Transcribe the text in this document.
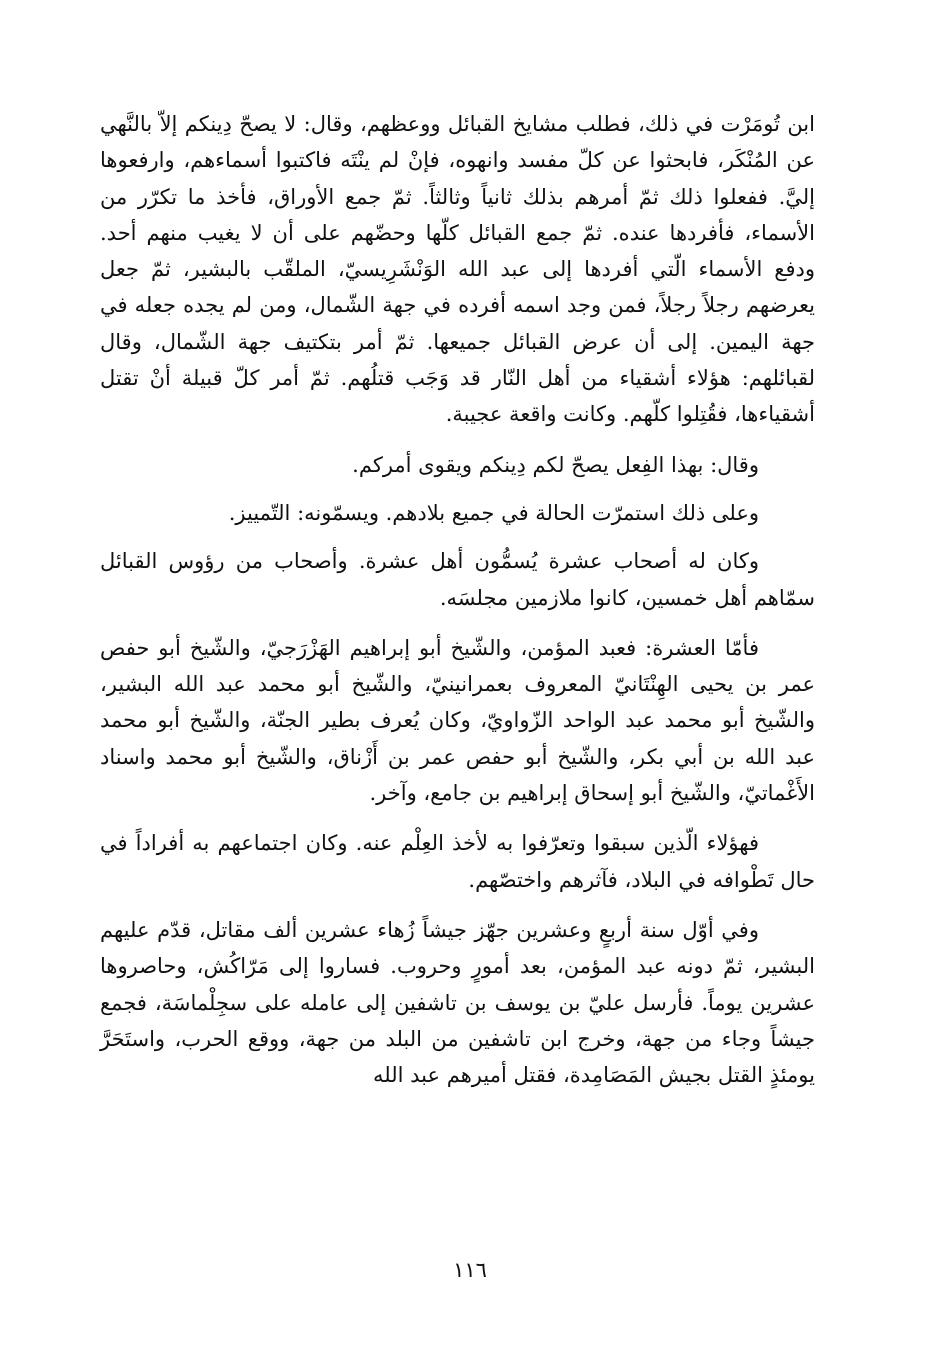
ابن تُومَرْت في ذلك، فطلب مشايخ القبائل ووعظهم، وقال: لا يصحّ دِينكم إلاّ بالنَّهي عن المُنْكَر، فابحثوا عن كلّ مفسد وانهوه، فإنْ لم ينْتَه فاكتبوا أسماءهم، وارفعوها إليَّ. ففعلوا ذلك ثمّ أمرهم بذلك ثانياً وثالثاً. ثمّ جمع الأوراق، فأخذ ما تكرّر من الأسماء، فأفردها عنده. ثمّ جمع القبائل كلّها وحضّهم على أن لا يغيب منهم أحد. ودفع الأسماء الّتي أفردها إلى عبد الله الوَنْشَرِيسيّ، الملقّب بالبشير، ثمّ جعل يعرضهم رجلاً رجلاً، فمن وجد اسمه أفرده في جهة الشّمال، ومن لم يجده جعله في جهة اليمين. إلى أن عرض القبائل جميعها. ثمّ أمر بتكتيف جهة الشّمال، وقال لقبائلهم: هؤلاء أشقياء من أهل النّار قد وَجَب قتلُهم. ثمّ أمر كلّ قبيلة أنْ تقتل أشقياءها، فقُتِلوا كلّهم. وكانت واقعة عجيبة.

وقال: بهذا الفِعل يصحّ لكم دِينكم ويقوى أمركم.

وعلى ذلك استمرّت الحالة في جميع بلادهم. ويسمّونه: التّمييز.

وكان له أصحاب عشرة يُسمُّون أهل عشرة. وأصحاب من رؤوس القبائل سمّاهم أهل خمسين، كانوا ملازمين مجلسَه.

فأمّا العشرة: فعبد المؤمن، والشّيخ أبو إبراهيم الهَزْرَجيّ، والشّيخ أبو حفص عمر بن يحيى الهِنْتَانيّ المعروف بعمرانينيّ، والشّيخ أبو محمد عبد الله البشير، والشّيخ أبو محمد عبد الواحد الزّواويّ، وكان يُعرف بطير الجنّة، والشّيخ أبو محمد عبد الله بن أبي بكر، والشّيخ أبو حفص عمر بن أَزْناق، والشّيخ أبو محمد واسناد الأَغْماتيّ، والشّيخ أبو إسحاق إبراهيم بن جامع، وآخر.

فهؤلاء الّذين سبقوا وتعرّفوا به لأخذ العِلْم عنه. وكان اجتماعهم به أفراداً في حال تَطْوافه في البلاد، فآثرهم واختصّهم.

وفي أوّل سنة أربعٍ وعشرين جهّز جيشاً زُهاء عشرين ألف مقاتل، قدّم عليهم البشير، ثمّ دونه عبد المؤمن، بعد أمورٍ وحروب. فساروا إلى مَرّاكُش، وحاصروها عشرين يوماً. فأرسل عليّ بن يوسف بن تاشفين إلى عامله على سجِلْماسَة، فجمع جيشاً وجاء من جهة، وخرج ابن تاشفين من البلد من جهة، ووقع الحرب، واستَحَرَّ يومئذٍ القتل بجيش المَصَامِدة، فقتل أميرهم عبد الله

١١٦
